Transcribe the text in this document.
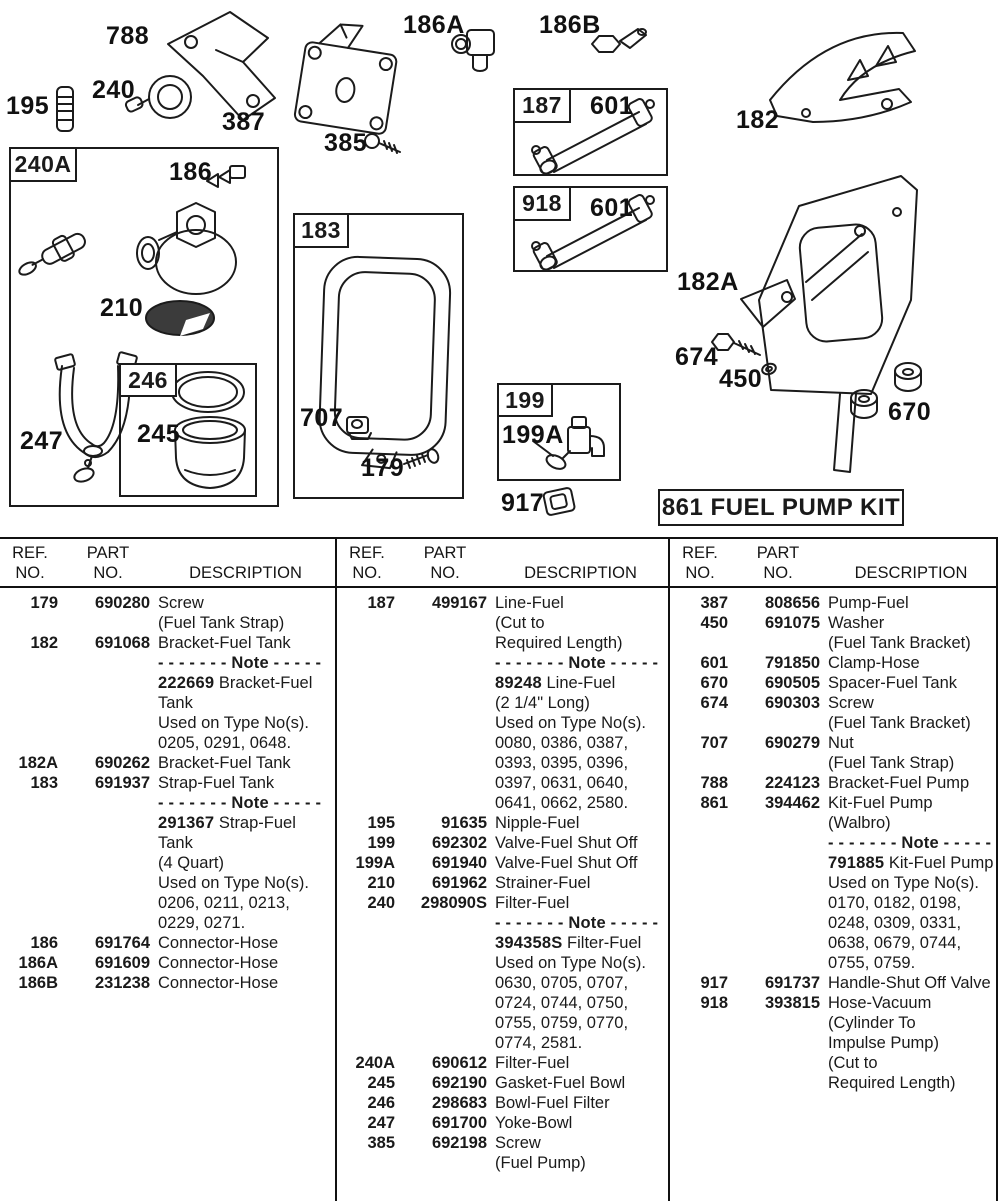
240A
183
187
918
199
246
788
240
195
387
385
186A	186B
182
186
210
247	245
707
179
199A
917
182A
674
450
670
601
601
861 FUEL PUMP KIT
REF.
NO.
PART
NO.	DESCRIPTION
REF.
NO.
PART
NO.	DESCRIPTION
REF.
NO.
PART
NO.	DESCRIPTION
179	690280 Screw
(Fuel Tank Strap)
182	691068 Bracket-Fuel Tank
- - - - - - - Note - - - - -
222669 Bracket-Fuel
Tank
Used on Type No(s).
0205, 0291, 0648.
182A	690262 Bracket-Fuel Tank
183	691937 Strap-Fuel Tank
- - - - - - - Note - - - - -
291367 Strap-Fuel
Tank
(4 Quart)
Used on Type No(s).
0206, 0211, 0213,
0229, 0271.
186	691764 Connector-Hose
186A	691609 Connector-Hose
186B	231238 Connector-Hose
187	499167 Line-Fuel
(Cut to
Required Length)
- - - - - - - Note - - - - -
89248 Line-Fuel
(2 1/4" Long)
Used on Type No(s).
0080, 0386, 0387,
0393, 0395, 0396,
0397, 0631, 0640,
0641, 0662, 2580.
195	91635 Nipple-Fuel
199	692302 Valve-Fuel Shut Off
199A	691940 Valve-Fuel Shut Off
210	691962 Strainer-Fuel
240	298090S Filter-Fuel
- - - - - - - Note - - - - -
394358S Filter-Fuel
Used on Type No(s).
0630, 0705, 0707,
0724, 0744, 0750,
0755, 0759, 0770,
0774, 2581.
240A	690612 Filter-Fuel
245	692190 Gasket-Fuel Bowl
246	298683 Bowl-Fuel Filter
247	691700 Yoke-Bowl
385	692198 Screw
(Fuel Pump)
387	808656 Pump-Fuel
450	691075 Washer
(Fuel Tank Bracket)
601	791850 Clamp-Hose
670	690505 Spacer-Fuel Tank
674	690303 Screw
(Fuel Tank Bracket)
707	690279 Nut
(Fuel Tank Strap)
788	224123 Bracket-Fuel Pump
861	394462 Kit-Fuel Pump
(Walbro)
- - - - - - - Note - - - - -
791885 Kit-Fuel Pump
Used on Type No(s).
0170, 0182, 0198,
0248, 0309, 0331,
0638, 0679, 0744,
0755, 0759.
917	691737 Handle-Shut Off Valve
918	393815 Hose-Vacuum
(Cylinder To
Impulse Pump)
(Cut to
Required Length)
